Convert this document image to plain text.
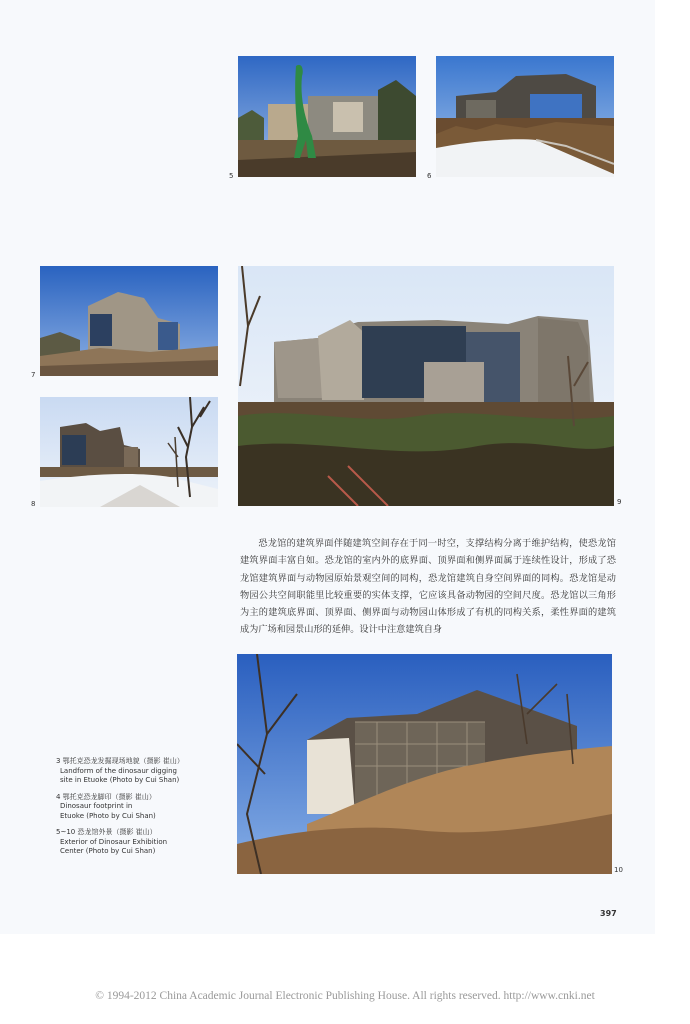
5	6
7
8	9

恐龙馆的建筑界面伴随建筑空间存在于同一时空，支撑结构分离于维护结构，使恐龙馆建筑界面丰富自如。恐龙馆的室内外的底界面、顶界面和侧界面属于连续性设计，形成了恐龙馆建筑界面与动物园原始景观空间的同构，恐龙馆建筑自身空间界面的同构。恐龙馆是动物园公共空间职能里比较重要的实体支撑，它应该具备动物园的空间尺度。恐龙馆以三角形为主的建筑底界面、顶界面、侧界面与动物园山体形成了有机的同构关系，柔性界面的建筑成为广场和园景山形的延伸。设计中注意建筑自身

10
3 鄂托克恐龙发掘现场地貌（摄影 崔山）
Landform of the dinosaur digging
site in Etuoke (Photo by Cui Shan)
4 鄂托克恐龙脚印（摄影 崔山）
Dinosaur footprint in
Etuoke (Photo by Cui Shan)
5~10 恐龙馆外景（摄影 崔山）
Exterior of Dinosaur Exhibition
Center (Photo by Cui Shan)
397
© 1994-2012 China Academic Journal Electronic Publishing House. All rights reserved. http://www.cnki.net
